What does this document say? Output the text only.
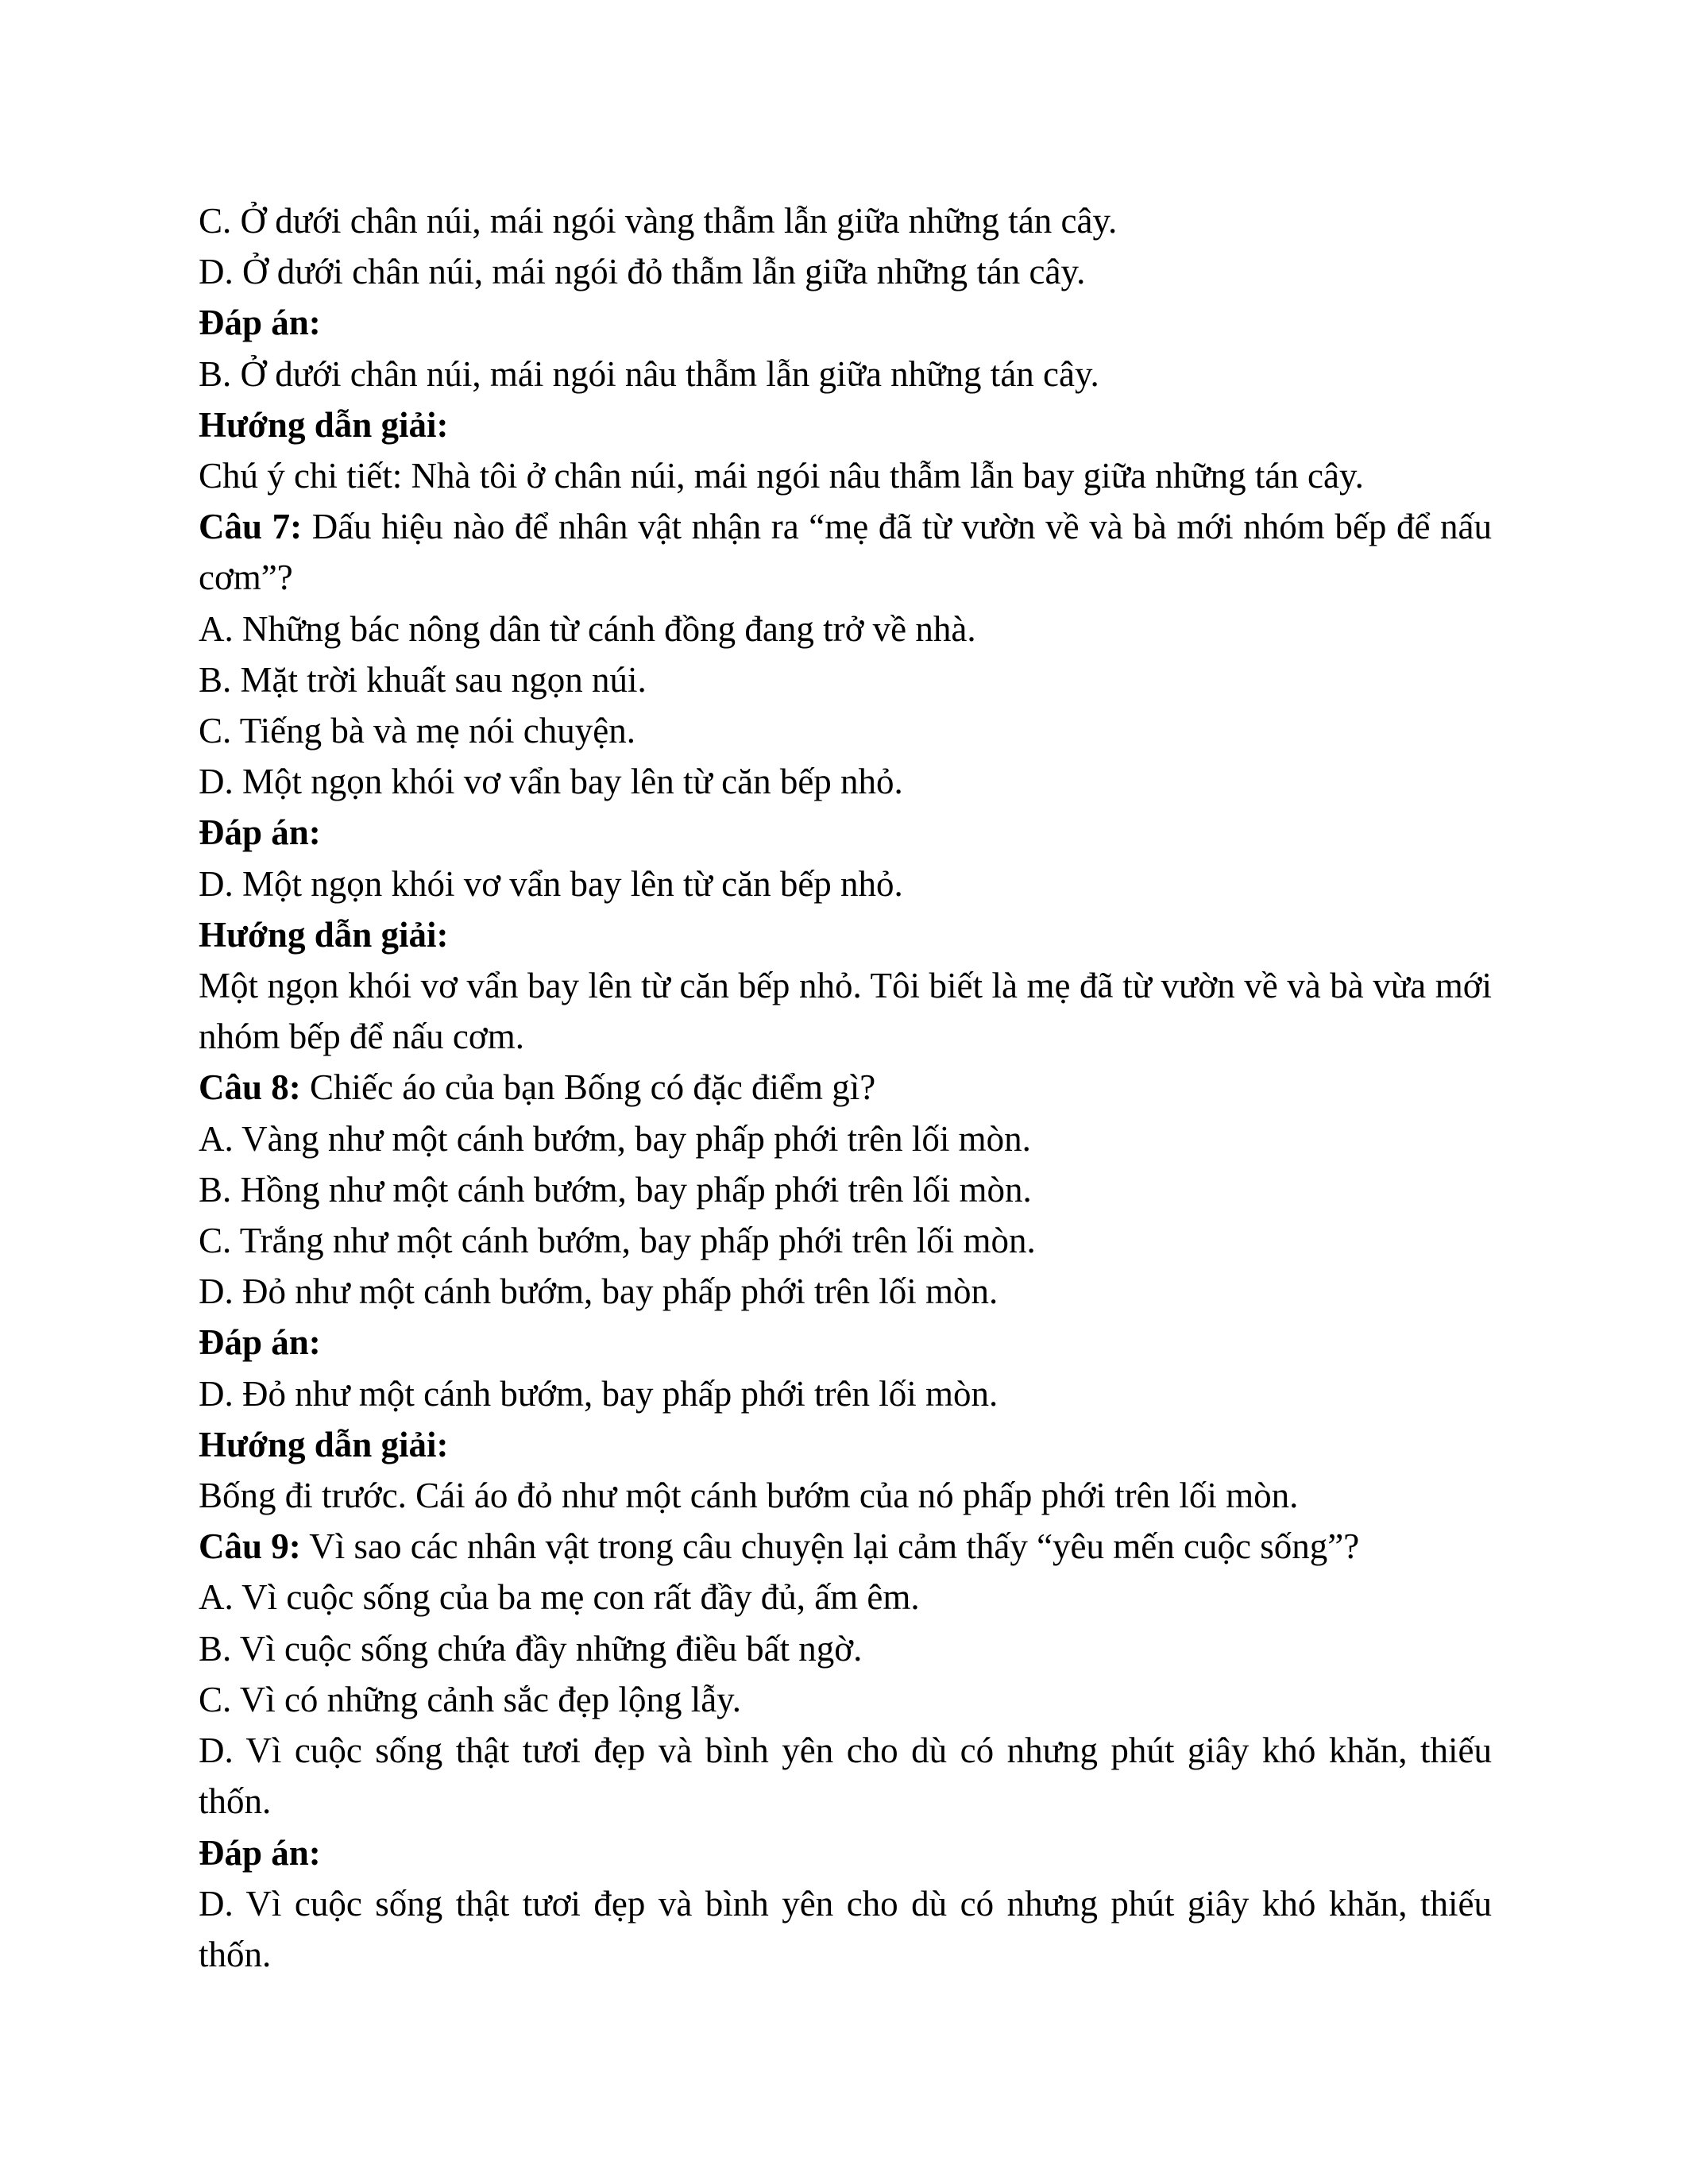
C. Ở dưới chân núi, mái ngói vàng thẫm lẫn giữa những tán cây.

D. Ở dưới chân núi, mái ngói đỏ thẫm lẫn giữa những tán cây.

Đáp án:

B. Ở dưới chân núi, mái ngói nâu thẫm lẫn giữa những tán cây.

Hướng dẫn giải:

Chú ý chi tiết: Nhà tôi ở chân núi, mái ngói nâu thẫm lẫn bay giữa những tán cây.

Câu 7: Dấu hiệu nào để nhân vật nhận ra “mẹ đã từ vườn về và bà mới nhóm bếp để nấu cơm”?

A. Những bác nông dân từ cánh đồng đang trở về nhà.

B. Mặt trời khuất sau ngọn núi.

C. Tiếng bà và mẹ nói chuyện.

D. Một ngọn khói vơ vẩn bay lên từ căn bếp nhỏ.

Đáp án:

D. Một ngọn khói vơ vẩn bay lên từ căn bếp nhỏ.

Hướng dẫn giải:

Một ngọn khói vơ vẩn bay lên từ căn bếp nhỏ. Tôi biết là mẹ đã từ vườn về và bà vừa mới nhóm bếp để nấu cơm.

Câu 8: Chiếc áo của bạn Bống có đặc điểm gì?

A. Vàng như một cánh bướm, bay phấp phới trên lối mòn.

B. Hồng như một cánh bướm, bay phấp phới trên lối mòn.

C. Trắng như một cánh bướm, bay phấp phới trên lối mòn.

D. Đỏ như một cánh bướm, bay phấp phới trên lối mòn.

Đáp án:

D. Đỏ như một cánh bướm, bay phấp phới trên lối mòn.

Hướng dẫn giải:

Bống đi trước. Cái áo đỏ như một cánh bướm của nó phấp phới trên lối mòn.

Câu 9: Vì sao các nhân vật trong câu chuyện lại cảm thấy “yêu mến cuộc sống”?

A. Vì cuộc sống của ba mẹ con rất đầy đủ, ấm êm.

B. Vì cuộc sống chứa đầy những điều bất ngờ.

C. Vì có những cảnh sắc đẹp lộng lẫy.

D. Vì cuộc sống thật tươi đẹp và bình yên cho dù có nhưng phút giây khó khăn, thiếu thốn.

Đáp án:

D. Vì cuộc sống thật tươi đẹp và bình yên cho dù có nhưng phút giây khó khăn, thiếu thốn.
